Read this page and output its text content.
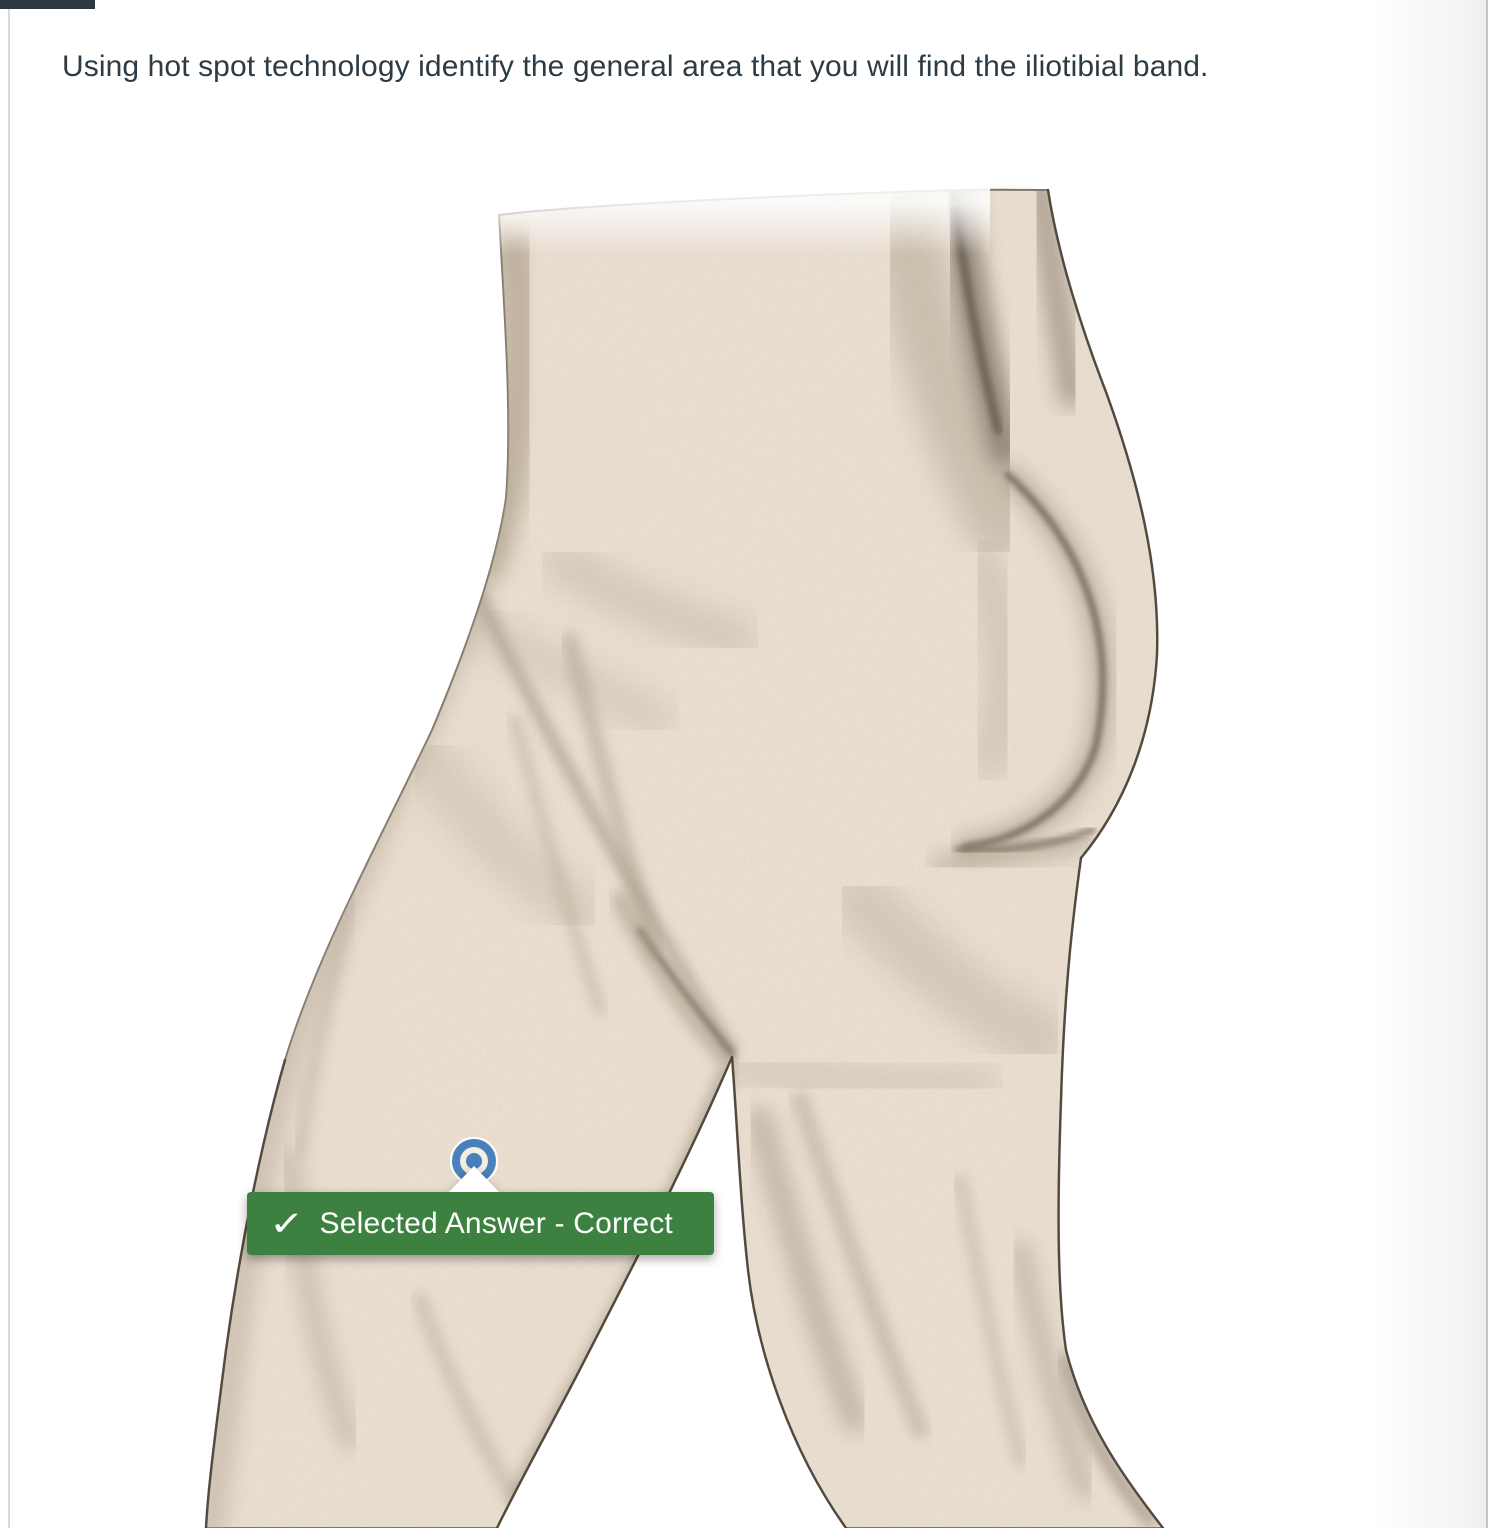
✓ Selected Answer - Correct
Using hot spot technology identify the general area that you will find the iliotibial band.
